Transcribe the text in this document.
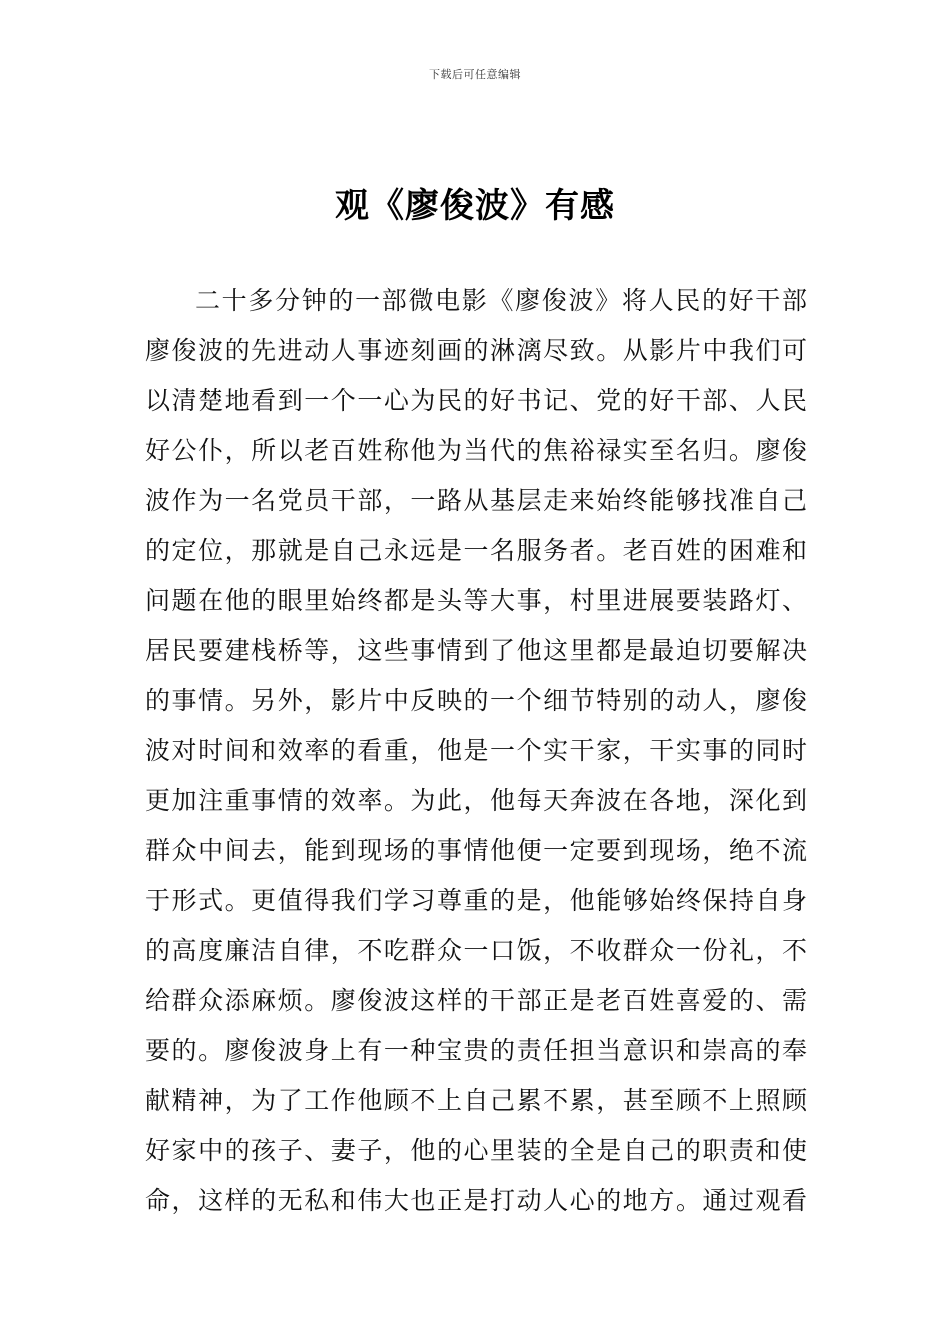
下载后可任意编辑
观《廖俊波》有感
二十多分钟的一部微电影《廖俊波》将人民的好干部
廖俊波的先进动人事迹刻画的淋漓尽致。从影片中我们可
以清楚地看到一个一心为民的好书记、党的好干部、人民
好公仆，所以老百姓称他为当代的焦裕禄实至名归。廖俊
波作为一名党员干部，一路从基层走来始终能够找准自己
的定位，那就是自己永远是一名服务者。老百姓的困难和
问题在他的眼里始终都是头等大事，村里进展要装路灯、
居民要建栈桥等，这些事情到了他这里都是最迫切要解决
的事情。另外，影片中反映的一个细节特别的动人，廖俊
波对时间和效率的看重，他是一个实干家，干实事的同时
更加注重事情的效率。为此，他每天奔波在各地，深化到
群众中间去，能到现场的事情他便一定要到现场，绝不流
于形式。更值得我们学习尊重的是，他能够始终保持自身
的高度廉洁自律，不吃群众一口饭，不收群众一份礼，不
给群众添麻烦。廖俊波这样的干部正是老百姓喜爱的、需
要的。廖俊波身上有一种宝贵的责任担当意识和崇高的奉
献精神，为了工作他顾不上自己累不累，甚至顾不上照顾
好家中的孩子、妻子，他的心里装的全是自己的职责和使
命，这样的无私和伟大也正是打动人心的地方。通过观看
